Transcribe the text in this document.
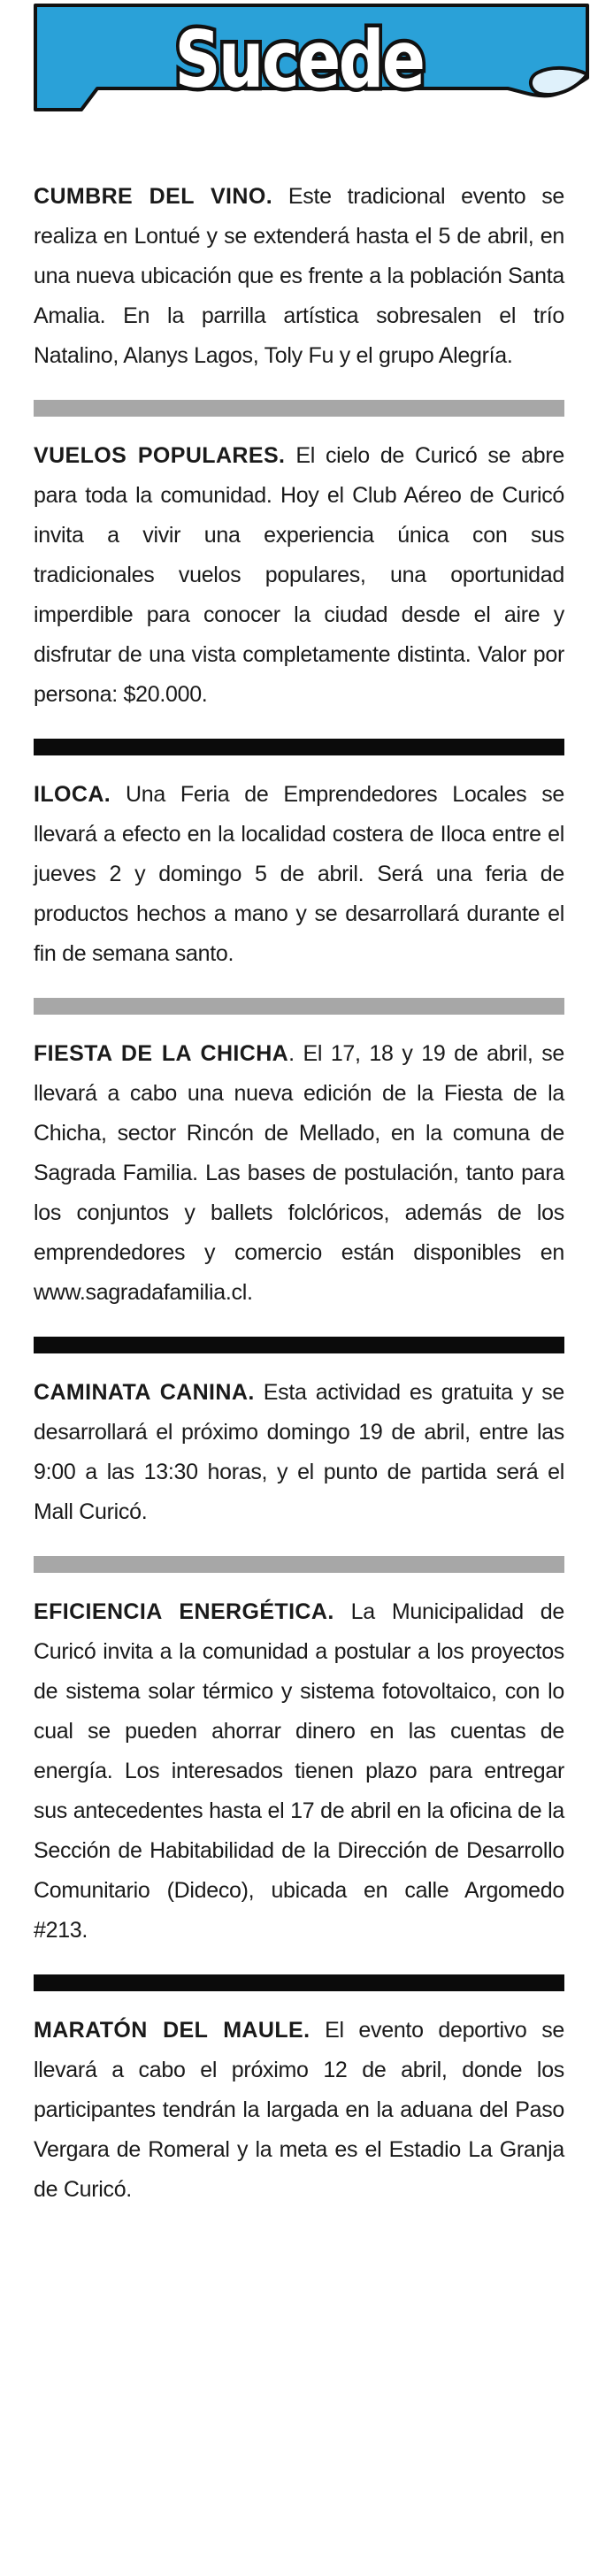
Sucede

CUMBRE DEL VINO. Este tradicional evento se realiza en Lontué y se extenderá hasta el 5 de abril, en una nueva ubicación que es frente a la población Santa Amalia. En la parrilla artística sobresalen el trío Natalino, Alanys Lagos, Toly Fu y el grupo Alegría.

VUELOS POPULARES. El cielo de Curicó se abre para toda la comunidad. Hoy el Club Aéreo de Curicó invita a vivir una experiencia única con sus tradicionales vuelos populares, una oportunidad imperdible para conocer la ciudad desde el aire y disfrutar de una vista completamente distinta. Valor por persona: $20.000.

ILOCA. Una Feria de Emprendedores Locales se llevará a efecto en la localidad costera de Iloca entre el jueves 2 y domingo 5 de abril. Será una feria de productos hechos a mano y se desarrollará durante el fin de semana santo.

FIESTA DE LA CHICHA. El 17, 18 y 19 de abril, se llevará a cabo una nueva edición de la Fiesta de la Chicha, sector Rincón de Mellado, en la comuna de Sagrada Familia. Las bases de postulación, tanto para los conjuntos y ballets folclóricos, además de los emprendedores y comercio están disponibles en www.sagradafamilia.cl.

CAMINATA CANINA. Esta actividad es gratuita y se desarrollará el próximo domingo 19 de abril, entre las 9:00 a las 13:30 horas, y el punto de partida será el Mall Curicó.

EFICIENCIA ENERGÉTICA. La Municipalidad de Curicó invita a la comunidad a postular a los proyectos de sistema solar térmico y sistema fotovoltaico, con lo cual se pueden ahorrar dinero en las cuentas de energía. Los interesados tienen plazo para entregar sus antecedentes hasta el 17 de abril en la oficina de la Sección de Habitabilidad de la Dirección de Desarrollo Comunitario (Dideco), ubicada en calle Argomedo #213.

MARATÓN DEL MAULE. El evento deportivo se llevará a cabo el próximo 12 de abril, donde los participantes tendrán la largada en la aduana del Paso Vergara de Romeral y la meta es el Estadio La Granja de Curicó.
